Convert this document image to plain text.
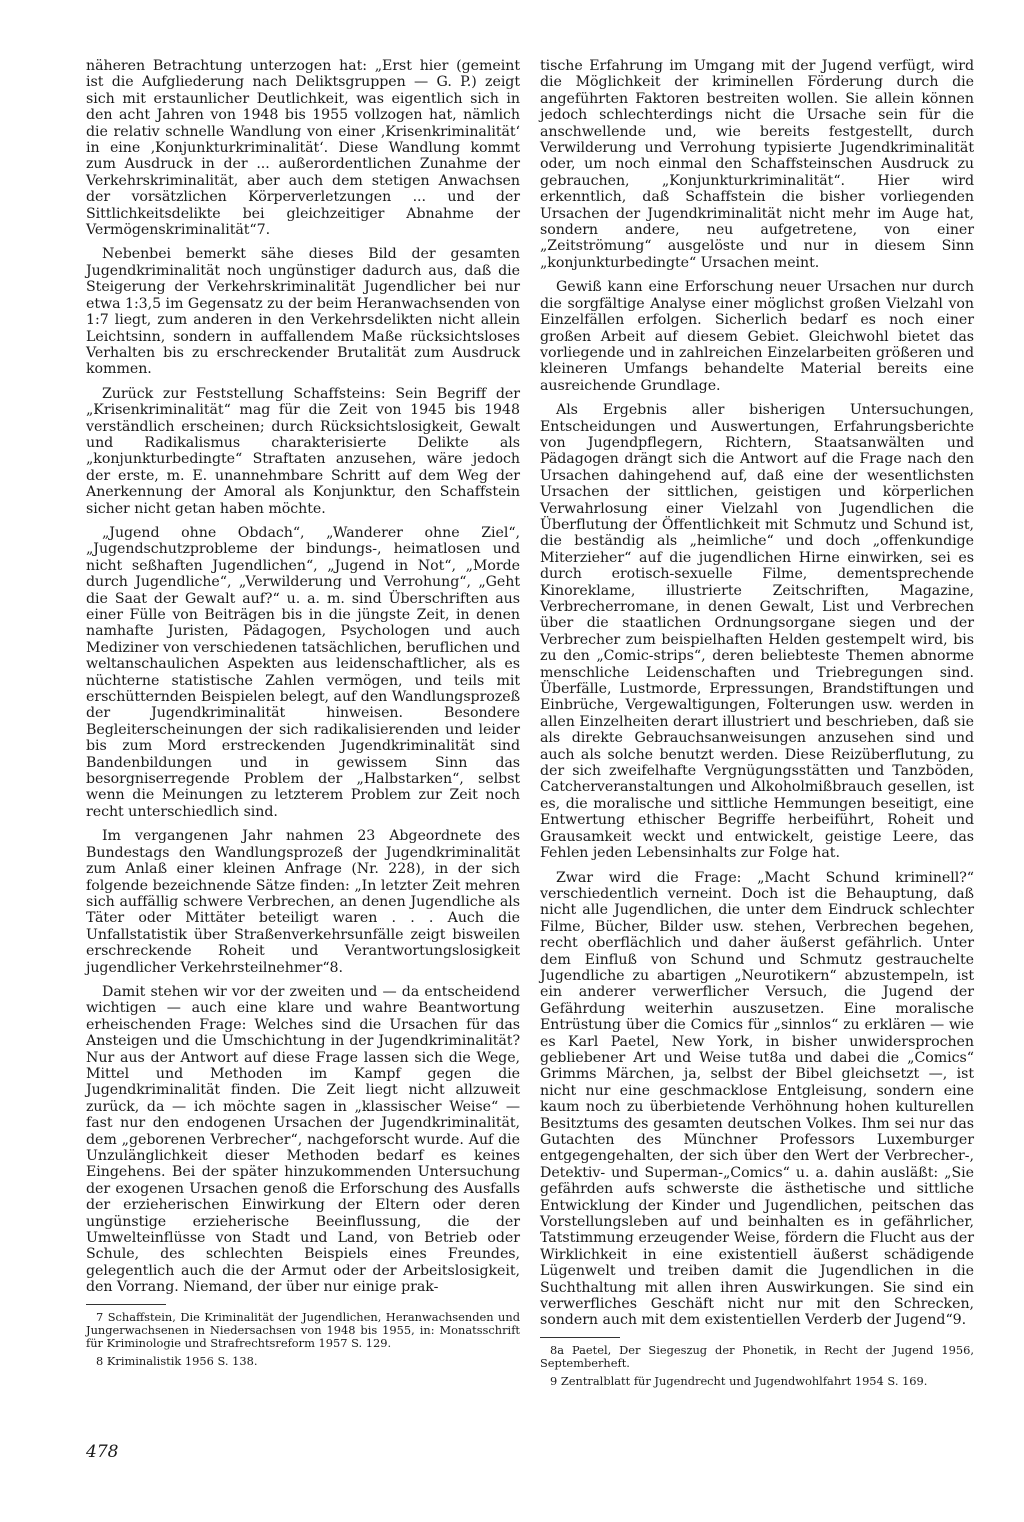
näheren Betrachtung unterzogen hat: „Erst hier (gemeint ist die Aufgliederung nach Deliktsgruppen — G. P.) zeigt sich mit erstaunlicher Deutlichkeit, was eigentlich sich in den acht Jahren von 1948 bis 1955 vollzogen hat, nämlich die relativ schnelle Wandlung von einer ‚Krisenkriminalität‘ in eine ‚Konjunkturkriminalität‘. Diese Wandlung kommt zum Ausdruck in der ... außerordentlichen Zunahme der Verkehrskriminalität, aber auch dem stetigen Anwachsen der vorsätzlichen Körperverletzungen ... und der Sittlichkeitsdelikte bei gleichzeitiger Abnahme der Vermögenskriminalität“7.

Nebenbei bemerkt sähe dieses Bild der gesamten Jugendkriminalität noch ungünstiger dadurch aus, daß die Steigerung der Verkehrskriminalität Jugendlicher bei nur etwa 1:3,5 im Gegensatz zu der beim Heranwachsenden von 1:7 liegt, zum anderen in den Verkehrsdelikten nicht allein Leichtsinn, sondern in auffallendem Maße rücksichtsloses Verhalten bis zu erschreckender Brutalität zum Ausdruck kommen.

Zurück zur Feststellung Schaffsteins: Sein Begriff der „Krisenkriminalität“ mag für die Zeit von 1945 bis 1948 verständlich erscheinen; durch Rücksichtslosigkeit, Gewalt und Radikalismus charakterisierte Delikte als „konjunkturbedingte“ Straftaten anzusehen, wäre jedoch der erste, m. E. unannehmbare Schritt auf dem Weg der Anerkennung der Amoral als Konjunktur, den Schaffstein sicher nicht getan haben möchte.

„Jugend ohne Obdach“, „Wanderer ohne Ziel“, „Jugendschutzprobleme der bindungs-, heimatlosen und nicht seßhaften Jugendlichen“, „Jugend in Not“, „Morde durch Jugendliche“, „Verwilderung und Verrohung“, „Geht die Saat der Gewalt auf?“ u. a. m. sind Überschriften aus einer Fülle von Beiträgen bis in die jüngste Zeit, in denen namhafte Juristen, Pädagogen, Psychologen und auch Mediziner von verschiedenen tatsächlichen, beruflichen und weltanschaulichen Aspekten aus leidenschaftlicher, als es nüchterne statistische Zahlen vermögen, und teils mit erschütternden Beispielen belegt, auf den Wandlungsprozeß der Jugendkriminalität hinweisen. Besondere Begleiterscheinungen der sich radikalisierenden und leider bis zum Mord erstreckenden Jugendkriminalität sind Bandenbildungen und in gewissem Sinn das besorgniserregende Problem der „Halbstarken“, selbst wenn die Meinungen zu letzterem Problem zur Zeit noch recht unterschiedlich sind.

Im vergangenen Jahr nahmen 23 Abgeordnete des Bundestags den Wandlungsprozeß der Jugendkriminalität zum Anlaß einer kleinen Anfrage (Nr. 228), in der sich folgende bezeichnende Sätze finden: „In letzter Zeit mehren sich auffällig schwere Verbrechen, an denen Jugendliche als Täter oder Mittäter beteiligt waren . . . Auch die Unfallstatistik über Straßenverkehrsunfälle zeigt bisweilen erschreckende Roheit und Verantwortungslosigkeit jugendlicher Verkehrsteilnehmer“8.

Damit stehen wir vor der zweiten und — da entscheidend wichtigen — auch eine klare und wahre Beantwortung erheischenden Frage: Welches sind die Ursachen für das Ansteigen und die Umschichtung in der Jugendkriminalität? Nur aus der Antwort auf diese Frage lassen sich die Wege, Mittel und Methoden im Kampf gegen die Jugendkriminalität finden. Die Zeit liegt nicht allzuweit zurück, da — ich möchte sagen in „klassischer Weise“ — fast nur den endogenen Ursachen der Jugendkriminalität, dem „geborenen Verbrecher“, nachgeforscht wurde. Auf die Unzulänglichkeit dieser Methoden bedarf es keines Eingehens. Bei der später hinzukommenden Untersuchung der exogenen Ursachen genoß die Erforschung des Ausfalls der erzieherischen Einwirkung der Eltern oder deren ungünstige erzieherische Beeinflussung, die der Umwelteinflüsse von Stadt und Land, von Betrieb oder Schule, des schlechten Beispiels eines Freundes, gelegentlich auch die der Armut oder der Arbeitslosigkeit, den Vorrang. Niemand, der über nur einige prak-

7 Schaffstein, Die Kriminalität der Jugendlichen, Heranwachsenden und Jungerwachsenen in Niedersachsen von 1948 bis 1955, in: Monatsschrift für Kriminologie und Strafrechtsreform 1957 S. 129.

8 Kriminalistik 1956 S. 138.

tische Erfahrung im Umgang mit der Jugend verfügt, wird die Möglichkeit der kriminellen Förderung durch die angeführten Faktoren bestreiten wollen. Sie allein können jedoch schlechterdings nicht die Ursache sein für die anschwellende und, wie bereits festgestellt, durch Verwilderung und Verrohung typisierte Jugendkriminalität oder, um noch einmal den Schaffsteinschen Ausdruck zu gebrauchen, „Konjunkturkriminalität“. Hier wird erkenntlich, daß Schaffstein die bisher vorliegenden Ursachen der Jugendkriminalität nicht mehr im Auge hat, sondern andere, neu aufgetretene, von einer „Zeitströmung“ ausgelöste und nur in diesem Sinn „konjunkturbedingte“ Ursachen meint.

Gewiß kann eine Erforschung neuer Ursachen nur durch die sorgfältige Analyse einer möglichst großen Vielzahl von Einzelfällen erfolgen. Sicherlich bedarf es noch einer großen Arbeit auf diesem Gebiet. Gleichwohl bietet das vorliegende und in zahlreichen Einzelarbeiten größeren und kleineren Umfangs behandelte Material bereits eine ausreichende Grundlage.

Als Ergebnis aller bisherigen Untersuchungen, Entscheidungen und Auswertungen, Erfahrungsberichte von Jugendpflegern, Richtern, Staatsanwälten und Pädagogen drängt sich die Antwort auf die Frage nach den Ursachen dahingehend auf, daß eine der wesentlichsten Ursachen der sittlichen, geistigen und körperlichen Verwahrlosung einer Vielzahl von Jugendlichen die Überflutung der Öffentlichkeit mit Schmutz und Schund ist, die beständig als „heimliche“ und doch „offenkundige Miterzieher“ auf die jugendlichen Hirne einwirken, sei es durch erotisch-sexuelle Filme, dementsprechende Kinoreklame, illustrierte Zeitschriften, Magazine, Verbrecherromane, in denen Gewalt, List und Verbrechen über die staatlichen Ordnungsorgane siegen und der Verbrecher zum beispielhaften Helden gestempelt wird, bis zu den „Comic-strips“, deren beliebteste Themen abnorme menschliche Leidenschaften und Triebregungen sind. Überfälle, Lustmorde, Erpressungen, Brandstiftungen und Einbrüche, Vergewaltigungen, Folterungen usw. werden in allen Einzelheiten derart illustriert und beschrieben, daß sie als direkte Gebrauchsanweisungen anzusehen sind und auch als solche benutzt werden. Diese Reizüberflutung, zu der sich zweifelhafte Vergnügungsstätten und Tanzböden, Catcherveranstaltungen und Alkoholmißbrauch gesellen, ist es, die moralische und sittliche Hemmungen beseitigt, eine Entwertung ethischer Begriffe herbeiführt, Roheit und Grausamkeit weckt und entwickelt, geistige Leere, das Fehlen jeden Lebensinhalts zur Folge hat.

Zwar wird die Frage: „Macht Schund kriminell?“ verschiedentlich verneint. Doch ist die Behauptung, daß nicht alle Jugendlichen, die unter dem Eindruck schlechter Filme, Bücher, Bilder usw. stehen, Verbrechen begehen, recht oberflächlich und daher äußerst gefährlich. Unter dem Einfluß von Schund und Schmutz gestrauchelte Jugendliche zu abartigen „Neurotikern“ abzustempeln, ist ein anderer verwerflicher Versuch, die Jugend der Gefährdung weiterhin auszusetzen. Eine moralische Entrüstung über die Comics für „sinnlos“ zu erklären — wie es Karl Paetel, New York, in bisher unwidersprochen gebliebener Art und Weise tut8a und dabei die „Comics“ Grimms Märchen, ja, selbst der Bibel gleichsetzt —, ist nicht nur eine geschmacklose Entgleisung, sondern eine kaum noch zu überbietende Verhöhnung hohen kulturellen Besitztums des gesamten deutschen Volkes. Ihm sei nur das Gutachten des Münchner Professors Luxemburger entgegengehalten, der sich über den Wert der Verbrecher-, Detektiv- und Superman-„Comics“ u. a. dahin ausläßt: „Sie gefährden aufs schwerste die ästhetische und sittliche Entwicklung der Kinder und Jugendlichen, peitschen das Vorstellungsleben auf und beinhalten es in gefährlicher, Tatstimmung erzeugender Weise, fördern die Flucht aus der Wirklichkeit in eine existentiell äußerst schädigende Lügenwelt und treiben damit die Jugendlichen in die Suchthaltung mit allen ihren Auswirkungen. Sie sind ein verwerfliches Geschäft nicht nur mit den Schrecken, sondern auch mit dem existentiellen Verderb der Jugend“9.

8a Paetel, Der Siegeszug der Phonetik, in Recht der Jugend 1956, Septemberheft.

9 Zentralblatt für Jugendrecht und Jugendwohlfahrt 1954 S. 169.

478
